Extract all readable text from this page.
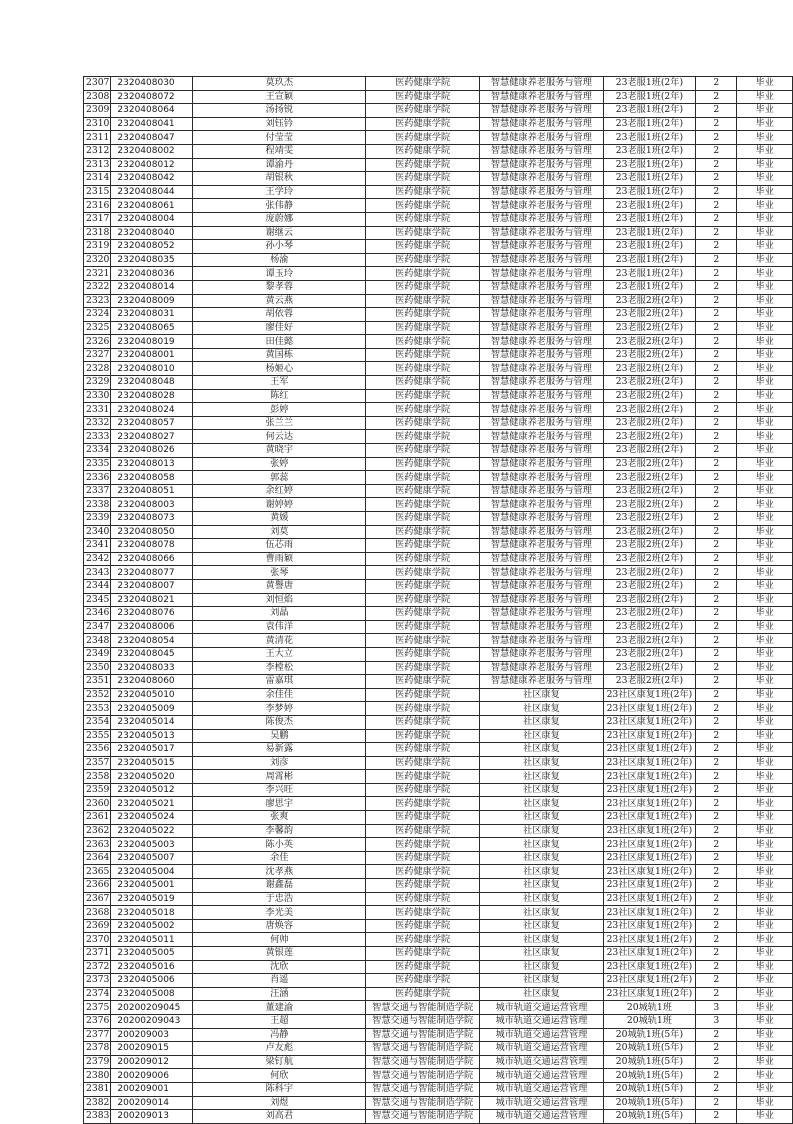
2307	2320408030	莫玖杰	医药健康学院	智慧健康养老服务与管理	23老服1班(2年)	2	毕业
2308	2320408072	王宣颖	医药健康学院	智慧健康养老服务与管理	23老服1班(2年)	2	毕业
2309	2320408064	汤扬锐	医药健康学院	智慧健康养老服务与管理	23老服1班(2年)	2	毕业
2310	2320408041	刘钰钤	医药健康学院	智慧健康养老服务与管理	23老服1班(2年)	2	毕业
2311	2320408047	付莹莹	医药健康学院	智慧健康养老服务与管理	23老服1班(2年)	2	毕业
2312	2320408002	程靖雯	医药健康学院	智慧健康养老服务与管理	23老服1班(2年)	2	毕业
2313	2320408012	谭渝丹	医药健康学院	智慧健康养老服务与管理	23老服1班(2年)	2	毕业
2314	2320408042	胡银秋	医药健康学院	智慧健康养老服务与管理	23老服1班(2年)	2	毕业
2315	2320408044	王学玲	医药健康学院	智慧健康养老服务与管理	23老服1班(2年)	2	毕业
2316	2320408061	张伟静	医药健康学院	智慧健康养老服务与管理	23老服1班(2年)	2	毕业
2317	2320408004	庞蔚娜	医药健康学院	智慧健康养老服务与管理	23老服1班(2年)	2	毕业
2318	2320408040	谢继云	医药健康学院	智慧健康养老服务与管理	23老服1班(2年)	2	毕业
2319	2320408052	孙小琴	医药健康学院	智慧健康养老服务与管理	23老服1班(2年)	2	毕业
2320	2320408035	杨渝	医药健康学院	智慧健康养老服务与管理	23老服1班(2年)	2	毕业
2321	2320408036	谭玉玲	医药健康学院	智慧健康养老服务与管理	23老服1班(2年)	2	毕业
2322	2320408014	黎孝蓉	医药健康学院	智慧健康养老服务与管理	23老服1班(2年)	2	毕业
2323	2320408009	黄云燕	医药健康学院	智慧健康养老服务与管理	23老服2班(2年)	2	毕业
2324	2320408031	胡依蓉	医药健康学院	智慧健康养老服务与管理	23老服2班(2年)	2	毕业
2325	2320408065	廖佳好	医药健康学院	智慧健康养老服务与管理	23老服2班(2年)	2	毕业
2326	2320408019	田佳懿	医药健康学院	智慧健康养老服务与管理	23老服2班(2年)	2	毕业
2327	2320408001	黄国栋	医药健康学院	智慧健康养老服务与管理	23老服2班(2年)	2	毕业
2328	2320408010	杨姬心	医药健康学院	智慧健康养老服务与管理	23老服2班(2年)	2	毕业
2329	2320408048	王军	医药健康学院	智慧健康养老服务与管理	23老服2班(2年)	2	毕业
2330	2320408028	陈红	医药健康学院	智慧健康养老服务与管理	23老服2班(2年)	2	毕业
2331	2320408024	彭婷	医药健康学院	智慧健康养老服务与管理	23老服2班(2年)	2	毕业
2332	2320408057	张兰兰	医药健康学院	智慧健康养老服务与管理	23老服2班(2年)	2	毕业
2333	2320408027	何云达	医药健康学院	智慧健康养老服务与管理	23老服2班(2年)	2	毕业
2334	2320408026	黄晓宇	医药健康学院	智慧健康养老服务与管理	23老服2班(2年)	2	毕业
2335	2320408013	张婷	医药健康学院	智慧健康养老服务与管理	23老服2班(2年)	2	毕业
2336	2320408058	郭蕊	医药健康学院	智慧健康养老服务与管理	23老服2班(2年)	2	毕业
2337	2320408051	余红婷	医药健康学院	智慧健康养老服务与管理	23老服2班(2年)	2	毕业
2338	2320408003	谢婷婷	医药健康学院	智慧健康养老服务与管理	23老服2班(2年)	2	毕业
2339	2320408073	黄媛	医药健康学院	智慧健康养老服务与管理	23老服2班(2年)	2	毕业
2340	2320408050	刘莫	医药健康学院	智慧健康养老服务与管理	23老服2班(2年)	2	毕业
2341	2320408078	伍芯雨	医药健康学院	智慧健康养老服务与管理	23老服2班(2年)	2	毕业
2342	2320408066	曹雨颖	医药健康学院	智慧健康养老服务与管理	23老服2班(2年)	2	毕业
2343	2320408077	张琴	医药健康学院	智慧健康养老服务与管理	23老服2班(2年)	2	毕业
2344	2320408007	黄譽唐	医药健康学院	智慧健康养老服务与管理	23老服2班(2年)	2	毕业
2345	2320408021	刘恒焰	医药健康学院	智慧健康养老服务与管理	23老服2班(2年)	2	毕业
2346	2320408076	刘晶	医药健康学院	智慧健康养老服务与管理	23老服2班(2年)	2	毕业
2347	2320408006	袁伟洋	医药健康学院	智慧健康养老服务与管理	23老服2班(2年)	2	毕业
2348	2320408054	黄清花	医药健康学院	智慧健康养老服务与管理	23老服2班(2年)	2	毕业
2349	2320408045	王大立	医药健康学院	智慧健康养老服务与管理	23老服2班(2年)	2	毕业
2350	2320408033	李樘松	医药健康学院	智慧健康养老服务与管理	23老服2班(2年)	2	毕业
2351	2320408060	雷嘉琪	医药健康学院	智慧健康养老服务与管理	23老服2班(2年)	2	毕业
2352	2320405010	余佳佳	医药健康学院	社区康复	23社区康复1班(2年)	2	毕业
2353	2320405009	李梦婷	医药健康学院	社区康复	23社区康复1班(2年)	2	毕业
2354	2320405014	陈俊杰	医药健康学院	社区康复	23社区康复1班(2年)	2	毕业
2355	2320405013	吴鹏	医药健康学院	社区康复	23社区康复1班(2年)	2	毕业
2356	2320405017	易新露	医药健康学院	社区康复	23社区康复1班(2年)	2	毕业
2357	2320405015	刘彦	医药健康学院	社区康复	23社区康复1班(2年)	2	毕业
2358	2320405020	周霄彬	医药健康学院	社区康复	23社区康复1班(2年)	2	毕业
2359	2320405012	李兴旺	医药健康学院	社区康复	23社区康复1班(2年)	2	毕业
2360	2320405021	廖思宇	医药健康学院	社区康复	23社区康复1班(2年)	2	毕业
2361	2320405024	张爽	医药健康学院	社区康复	23社区康复1班(2年)	2	毕业
2362	2320405022	李馨韵	医药健康学院	社区康复	23社区康复1班(2年)	2	毕业
2363	2320405003	陈小英	医药健康学院	社区康复	23社区康复1班(2年)	2	毕业
2364	2320405007	余佳	医药健康学院	社区康复	23社区康复1班(2年)	2	毕业
2365	2320405004	沈孝燕	医药健康学院	社区康复	23社区康复1班(2年)	2	毕业
2366	2320405001	谢鑫磊	医药健康学院	社区康复	23社区康复1班(2年)	2	毕业
2367	2320405019	于忠浩	医药健康学院	社区康复	23社区康复1班(2年)	2	毕业
2368	2320405018	李光美	医药健康学院	社区康复	23社区康复1班(2年)	2	毕业
2369	2320405002	唐焕容	医药健康学院	社区康复	23社区康复1班(2年)	2	毕业
2370	2320405011	何帅	医药健康学院	社区康复	23社区康复1班(2年)	2	毕业
2371	2320405005	黄银莲	医药健康学院	社区康复	23社区康复1班(2年)	2	毕业
2372	2320405016	沈欣	医药健康学院	社区康复	23社区康复1班(2年)	2	毕业
2373	2320405006	肖遥	医药健康学院	社区康复	23社区康复1班(2年)	2	毕业
2374	2320405008	汪涵	医药健康学院	社区康复	23社区康复1班(2年)	2	毕业
2375	20200209045	董建渝	智慧交通与智能制造学院	城市轨道交通运营管理	20城轨1班	3	毕业
2376	20200209043	王超	智慧交通与智能制造学院	城市轨道交通运营管理	20城轨1班	3	毕业
2377	200209003	冯静	智慧交通与智能制造学院	城市轨道交通运营管理	20城轨1班(5年)	2	毕业
2378	200209015	卢友彪	智慧交通与智能制造学院	城市轨道交通运营管理	20城轨1班(5年)	2	毕业
2379	200209012	梁钉航	智慧交通与智能制造学院	城市轨道交通运营管理	20城轨1班(5年)	2	毕业
2380	200209006	何欣	智慧交通与智能制造学院	城市轨道交通运营管理	20城轨1班(5年)	2	毕业
2381	200209001	陈科宇	智慧交通与智能制造学院	城市轨道交通运营管理	20城轨1班(5年)	2	毕业
2382	200209014	刘煜	智慧交通与智能制造学院	城市轨道交通运营管理	20城轨1班(5年)	2	毕业
2383	200209013	刘高君	智慧交通与智能制造学院	城市轨道交通运营管理	20城轨1班(5年)	2	毕业
